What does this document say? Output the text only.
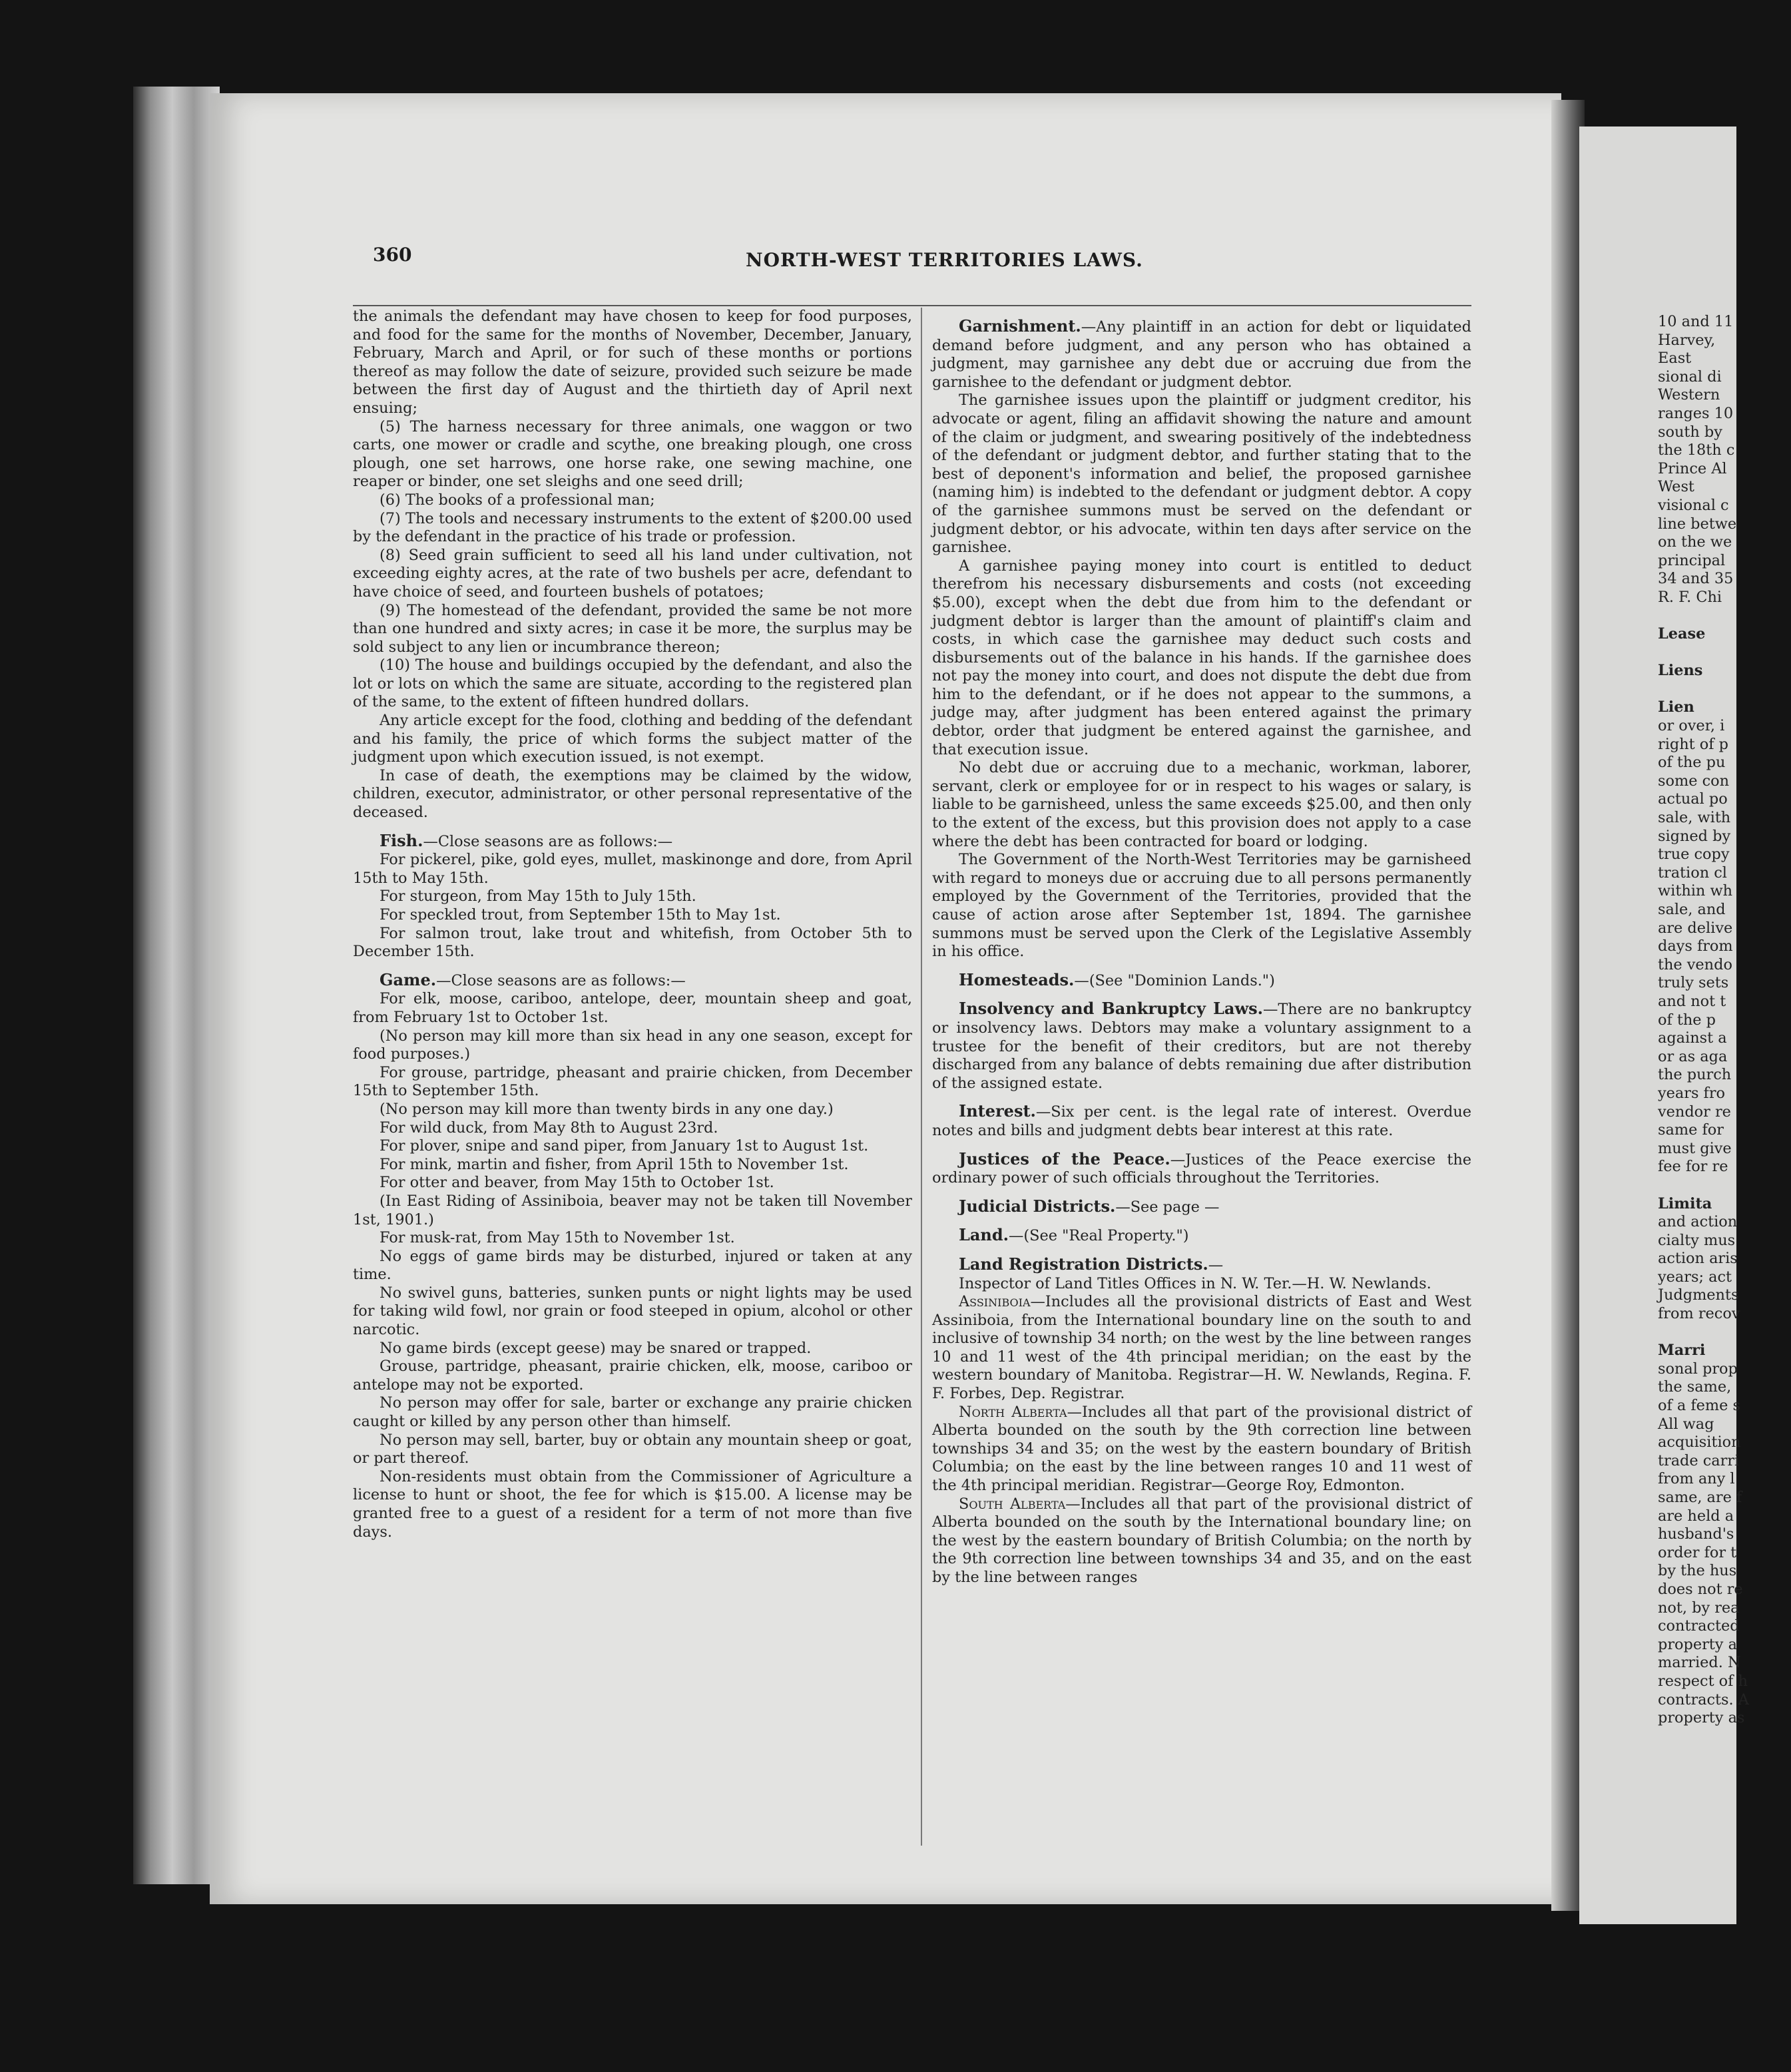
360	NORTH-WEST TERRITORIES LAWS.

the animals the defendant may have chosen to keep for food purposes, and food for the same for the months of November, December, January, February, March and April, or for such of these months or portions thereof as may follow the date of seizure, provided such seizure be made between the first day of August and the thirtieth day of April next ensuing;

(5) The harness necessary for three animals, one waggon or two carts, one mower or cradle and scythe, one breaking plough, one cross plough, one set harrows, one horse rake, one sewing machine, one reaper or binder, one set sleighs and one seed drill;

(6) The books of a professional man;

(7) The tools and necessary instruments to the extent of $200.00 used by the defendant in the practice of his trade or profession.

(8) Seed grain sufficient to seed all his land under cultivation, not exceeding eighty acres, at the rate of two bushels per acre, defendant to have choice of seed, and fourteen bushels of potatoes;

(9) The homestead of the defendant, provided the same be not more than one hundred and sixty acres; in case it be more, the surplus may be sold subject to any lien or incumbrance thereon;

(10) The house and buildings occupied by the defendant, and also the lot or lots on which the same are situate, according to the registered plan of the same, to the extent of fifteen hundred dollars.

Any article except for the food, clothing and bedding of the defendant and his family, the price of which forms the subject matter of the judgment upon which execution issued, is not exempt.

In case of death, the exemptions may be claimed by the widow, children, executor, administrator, or other personal representative of the deceased.

Fish.—Close seasons are as follows:—

For pickerel, pike, gold eyes, mullet, maskinonge and dore, from April 15th to May 15th.

For sturgeon, from May 15th to July 15th.

For speckled trout, from September 15th to May 1st.

For salmon trout, lake trout and whitefish, from October 5th to December 15th.

Game.—Close seasons are as follows:—

For elk, moose, cariboo, antelope, deer, mountain sheep and goat, from February 1st to October 1st.

(No person may kill more than six head in any one season, except for food purposes.)

For grouse, partridge, pheasant and prairie chicken, from December 15th to September 15th.

(No person may kill more than twenty birds in any one day.)

For wild duck, from May 8th to August 23rd.

For plover, snipe and sand piper, from January 1st to August 1st.

For mink, martin and fisher, from April 15th to November 1st.

For otter and beaver, from May 15th to October 1st.

(In East Riding of Assiniboia, beaver may not be taken till November 1st, 1901.)

For musk-rat, from May 15th to November 1st.

No eggs of game birds may be disturbed, injured or taken at any time.

No swivel guns, batteries, sunken punts or night lights may be used for taking wild fowl, nor grain or food steeped in opium, alcohol or other narcotic.

No game birds (except geese) may be snared or trapped.

Grouse, partridge, pheasant, prairie chicken, elk, moose, cariboo or antelope may not be exported.

No person may offer for sale, barter or exchange any prairie chicken caught or killed by any person other than himself.

No person may sell, barter, buy or obtain any mountain sheep or goat, or part thereof.

Non-residents must obtain from the Commissioner of Agriculture a license to hunt or shoot, the fee for which is $15.00. A license may be granted free to a guest of a resident for a term of not more than five days.

Garnishment.—Any plaintiff in an action for debt or liquidated demand before judgment, and any person who has obtained a judgment, may garnishee any debt due or accruing due from the garnishee to the defendant or judgment debtor.

The garnishee issues upon the plaintiff or judgment creditor, his advocate or agent, filing an affidavit showing the nature and amount of the claim or judgment, and swearing positively of the indebtedness of the defendant or judgment debtor, and further stating that to the best of deponent's information and belief, the proposed garnishee (naming him) is indebted to the defendant or judgment debtor. A copy of the garnishee summons must be served on the defendant or judgment debtor, or his advocate, within ten days after service on the garnishee.

A garnishee paying money into court is entitled to deduct therefrom his necessary disbursements and costs (not exceeding $5.00), except when the debt due from him to the defendant or judgment debtor is larger than the amount of plaintiff's claim and costs, in which case the garnishee may deduct such costs and disbursements out of the balance in his hands. If the garnishee does not pay the money into court, and does not dispute the debt due from him to the defendant, or if he does not appear to the summons, a judge may, after judgment has been entered against the primary debtor, order that judgment be entered against the garnishee, and that execution issue.

No debt due or accruing due to a mechanic, workman, laborer, servant, clerk or employee for or in respect to his wages or salary, is liable to be garnisheed, unless the same exceeds $25.00, and then only to the extent of the excess, but this provision does not apply to a case where the debt has been contracted for board or lodging.

The Government of the North-West Territories may be garnisheed with regard to moneys due or accruing due to all persons permanently employed by the Government of the Territories, provided that the cause of action arose after September 1st, 1894. The garnishee summons must be served upon the Clerk of the Legislative Assembly in his office.

Homesteads.—(See "Dominion Lands.")

Insolvency and Bankruptcy Laws.—There are no bankruptcy or insolvency laws. Debtors may make a voluntary assignment to a trustee for the benefit of their creditors, but are not thereby discharged from any balance of debts remaining due after distribution of the assigned estate.

Interest.—Six per cent. is the legal rate of interest. Overdue notes and bills and judgment debts bear interest at this rate.

Justices of the Peace.—Justices of the Peace exercise the ordinary power of such officials throughout the Territories.

Judicial Districts.—See page —

Land.—(See "Real Property.")

Land Registration Districts.—

Inspector of Land Titles Offices in N. W. Ter.—H. W. Newlands.

Assiniboia—Includes all the provisional districts of East and West Assiniboia, from the International boundary line on the south to and inclusive of township 34 north; on the west by the line between ranges 10 and 11 west of the 4th principal meridian; on the east by the western boundary of Manitoba. Registrar—H. W. Newlands, Regina. F. F. Forbes, Dep. Registrar.

North Alberta—Includes all that part of the provisional district of Alberta bounded on the south by the 9th correction line between townships 34 and 35; on the west by the eastern boundary of British Columbia; on the east by the line between ranges 10 and 11 west of the 4th principal meridian. Registrar—George Roy, Edmonton.

South Alberta—Includes all that part of the provisional district of Alberta bounded on the south by the International boundary line; on the west by the eastern boundary of British Columbia; on the north by the 9th correction line between townships 34 and 35, and on the east by the line between ranges

10 and 11
Harvey,
East
sional di
Western
ranges 10
south by
the 18th c
Prince Al
West
visional c
line betwe
on the we
principal
34 and 35
R. F. Chi
Lease
Liens
Lien
or over, i
right of p
of the pu
some con
actual po
sale, with
signed by
true copy
tration cl
within wh
sale, and
are delive
days from
the vendo
truly sets
and not t
of the p
against a
or as aga
the purch
years fro
vendor re
same for
must give
fee for re
Limita
and action
cialty mus
action aris
years; act
Judgments
from recov
Marri
sonal prop
the same,
of a feme s
All wag
acquisition
trade carri
from any l
same, are f
are held a
husband's
order for t
by the hus
does not re
not, by rea
contracted
property a
married. N
respect of h
contracts. A
property as
